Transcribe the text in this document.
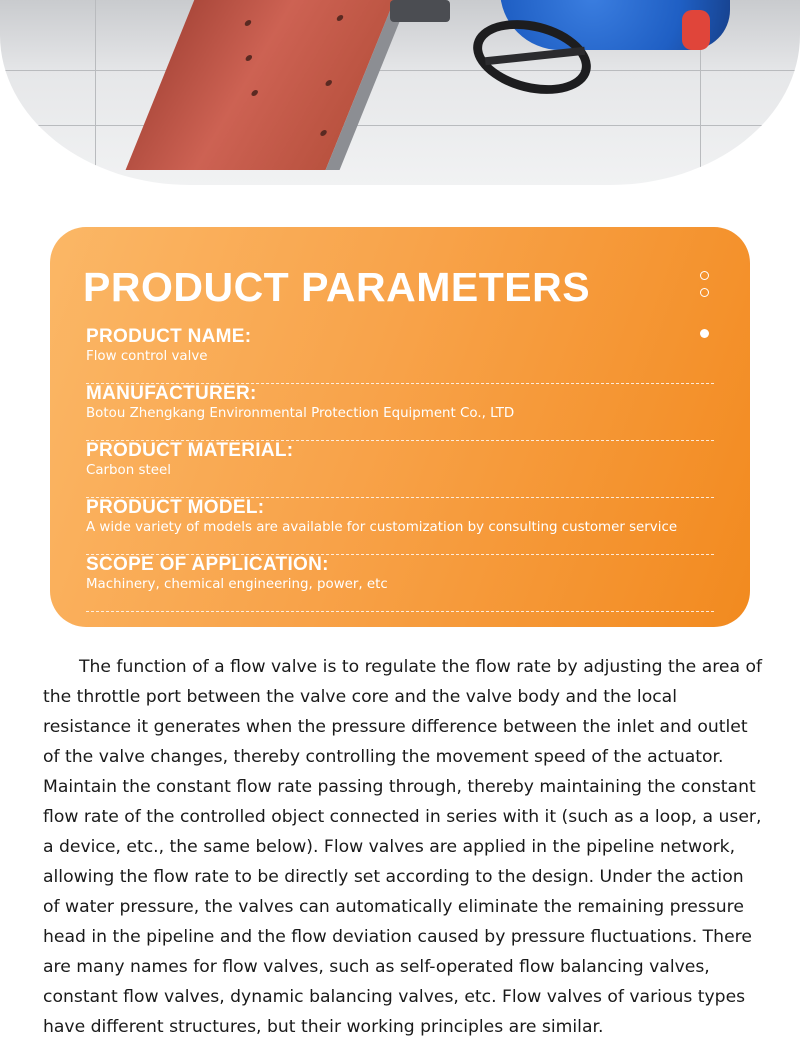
PRODUCT PARAMETERS
PRODUCT NAME:
Flow control valve
MANUFACTURER:
Botou Zhengkang Environmental Protection Equipment Co., LTD
PRODUCT MATERIAL:
Carbon steel
PRODUCT MODEL:
A wide variety of models are available for customization by consulting customer service
SCOPE OF APPLICATION:
Machinery, chemical engineering, power, etc

The function of a flow valve is to regulate the flow rate by adjusting the area of the throttle port between the valve core and the valve body and the local resistance it generates when the pressure difference between the inlet and outlet of the valve changes, thereby controlling the movement speed of the actuator. Maintain the constant flow rate passing through, thereby maintaining the constant flow rate of the controlled object connected in series with it (such as a loop, a user, a device, etc., the same below). Flow valves are applied in the pipeline network, allowing the flow rate to be directly set according to the design. Under the action of water pressure, the valves can automatically eliminate the remaining pressure head in the pipeline and the flow deviation caused by pressure fluctuations. There are many names for flow valves, such as self-operated flow balancing valves, constant flow valves, dynamic balancing valves, etc. Flow valves of various types have different structures, but their working principles are similar.
